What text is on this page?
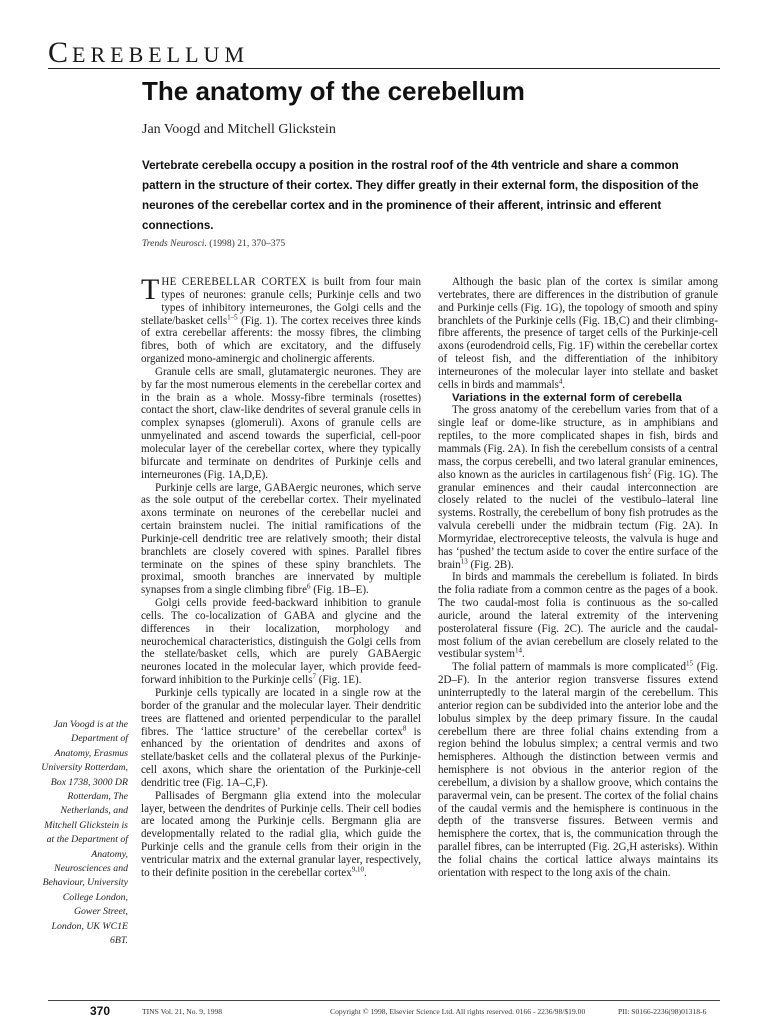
CEREBELLUM
The anatomy of the cerebellum
Jan Voogd and Mitchell Glickstein

Vertebrate cerebella occupy a position in the rostral roof of the 4th ventricle and share a common pattern in the structure of their cortex. They differ greatly in their external form, the disposition of the neurones of the cerebellar cortex and in the prominence of their afferent, intrinsic and efferent connections.

Trends Neurosci. (1998) 21, 370–375

THE CEREBELLAR CORTEX is built from four main types of neurones: granule cells; Purkinje cells and two types of inhibitory interneurones, the Golgi cells and the stellate/basket cells$^{1-5}$ (Fig. 1). The cortex receives three kinds of extra cerebellar afferents: the mossy fibres, the climbing fibres, both of which are excitatory, and the diffusely organized mono-aminergic and cholinergic afferents.

Granule cells are small, glutamatergic neurones. They are by far the most numerous elements in the cerebellar cortex and in the brain as a whole. Mossy-fibre terminals (rosettes) contact the short, claw-like dendrites of several granule cells in complex synapses (glomeruli). Axons of granule cells are unmyelinated and ascend towards the superficial, cell-poor molecular layer of the cerebellar cortex, where they typically bifurcate and terminate on dendrites of Purkinje cells and interneurones (Fig. 1A,D,E).

Purkinje cells are large, GABAergic neurones, which serve as the sole output of the cerebellar cortex. Their myelinated axons terminate on neurones of the cerebellar nuclei and certain brainstem nuclei. The initial ramifications of the Purkinje-cell dendritic tree are relatively smooth; their distal branchlets are closely covered with spines. Parallel fibres terminate on the spines of these spiny branchlets. The proximal, smooth branches are innervated by multiple synapses from a single climbing fibre$^6$ (Fig. 1B–E).

Golgi cells provide feed-backward inhibition to granule cells. The co-localization of GABA and glycine and the differences in their localization, morphology and neurochemical characteristics, distinguish the Golgi cells from the stellate/basket cells, which are purely GABAergic neurones located in the molecular layer, which provide feed-forward inhibition to the Purkinje cells$^7$ (Fig. 1E).

Purkinje cells typically are located in a single row at the border of the granular and the molecular layer. Their dendritic trees are flattened and oriented perpendicular to the parallel fibres. The ‘lattice structure’ of the cerebellar cortex$^8$ is enhanced by the orientation of dendrites and axons of stellate/basket cells and the collateral plexus of the Purkinje-cell axons, which share the orientation of the Purkinje-cell dendritic tree (Fig. 1A–C,F).

Pallisades of Bergmann glia extend into the molecular layer, between the dendrites of Purkinje cells. Their cell bodies are located among the Purkinje cells. Bergmann glia are developmentally related to the radial glia, which guide the Purkinje cells and the granule cells from their origin in the ventricular matrix and the external granular layer, respectively, to their definite position in the cerebellar cortex$^{9,10}$.

Although the basic plan of the cortex is similar among vertebrates, there are differences in the distribution of granule and Purkinje cells (Fig. 1G), the topology of smooth and spiny branchlets of the Purkinje cells (Fig. 1B,C) and their climbing-fibre afferents, the presence of target cells of the Purkinje-cell axons (eurodendroid cells, Fig. 1F) within the cerebellar cortex of teleost fish, and the differentiation of the inhibitory interneurones of the molecular layer into stellate and basket cells in birds and mammals$^4$.

Variations in the external form of cerebella

The gross anatomy of the cerebellum varies from that of a single leaf or dome-like structure, as in amphibians and reptiles, to the more complicated shapes in fish, birds and mammals (Fig. 2A). In fish the cerebellum consists of a central mass, the corpus cerebelli, and two lateral granular eminences, also known as the auricles in cartilagenous fish$^2$ (Fig. 1G). The granular eminences and their caudal interconnection are closely related to the nuclei of the vestibulo–lateral line systems. Rostrally, the cerebellum of bony fish protrudes as the valvula cerebelli under the midbrain tectum (Fig. 2A). In Mormyridae, electroreceptive teleosts, the valvula is huge and has ‘pushed’ the tectum aside to cover the entire surface of the brain$^{13}$ (Fig. 2B).

In birds and mammals the cerebellum is foliated. In birds the folia radiate from a common centre as the pages of a book. The two caudal-most folia is continuous as the so-called auricle, around the lateral extremity of the intervening posterolateral fissure (Fig. 2C). The auricle and the caudal-most folium of the avian cerebellum are closely related to the vestibular system$^{14}$.

The folial pattern of mammals is more complicated$^{15}$ (Fig. 2D–F). In the anterior region transverse fissures extend uninterruptedly to the lateral margin of the cerebellum. This anterior region can be subdivided into the anterior lobe and the lobulus simplex by the deep primary fissure. In the caudal cerebellum there are three folial chains extending from a region behind the lobulus simplex; a central vermis and two hemispheres. Although the distinction between vermis and hemisphere is not obvious in the anterior region of the cerebellum, a division by a shallow groove, which contains the paravermal vein, can be present. The cortex of the folial chains of the caudal vermis and the hemisphere is continuous in the depth of the transverse fissures. Between vermis and hemisphere the cortex, that is, the communication through the parallel fibres, can be interrupted (Fig. 2G,H asterisks). Within the folial chains the cortical lattice always maintains its orientation with respect to the long axis of the chain.

Jan Voogd is at the Department of Anatomy, Erasmus University Rotterdam, Box 1738, 3000 DR Rotterdam, The Netherlands, and Mitchell Glickstein is at the Department of Anatomy, Neurosciences and Behaviour, University College London, Gower Street, London, UK WC1E 6BT.

370	TINS Vol. 21, No. 9, 1998	Copyright © 1998, Elsevier Science Ltd. All rights reserved. 0166 - 2236/98/$19.00	PII: S0166-2236(98)01318-6
